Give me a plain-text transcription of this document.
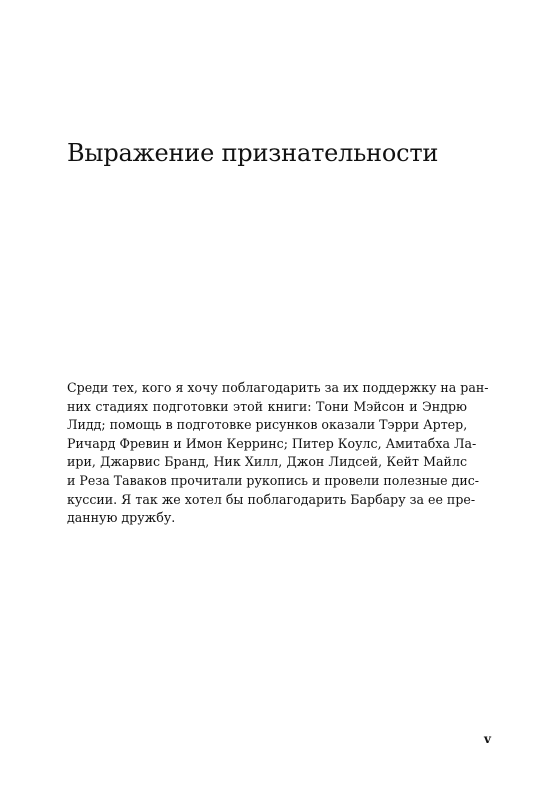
Выражение признательности
Среди тех, кого я хочу поблагодарить за их поддержку на ран-
них стадиях подготовки этой книги: Тони Мэйсон и Эндрю
Лидд; помощь в подготовке рисунков оказали Тэрри Артер,
Ричард Фревин и Имон Керринс; Питер Коулс, Амитабха Ла-
ири, Джарвис Бранд, Ник Хилл, Джон Лидсей, Кейт Майлс
и Реза Таваков прочитали рукопись и провели полезные дис-
куссии. Я так же хотел бы поблагодарить Барбару за ее пре-
данную дружбу.
v
